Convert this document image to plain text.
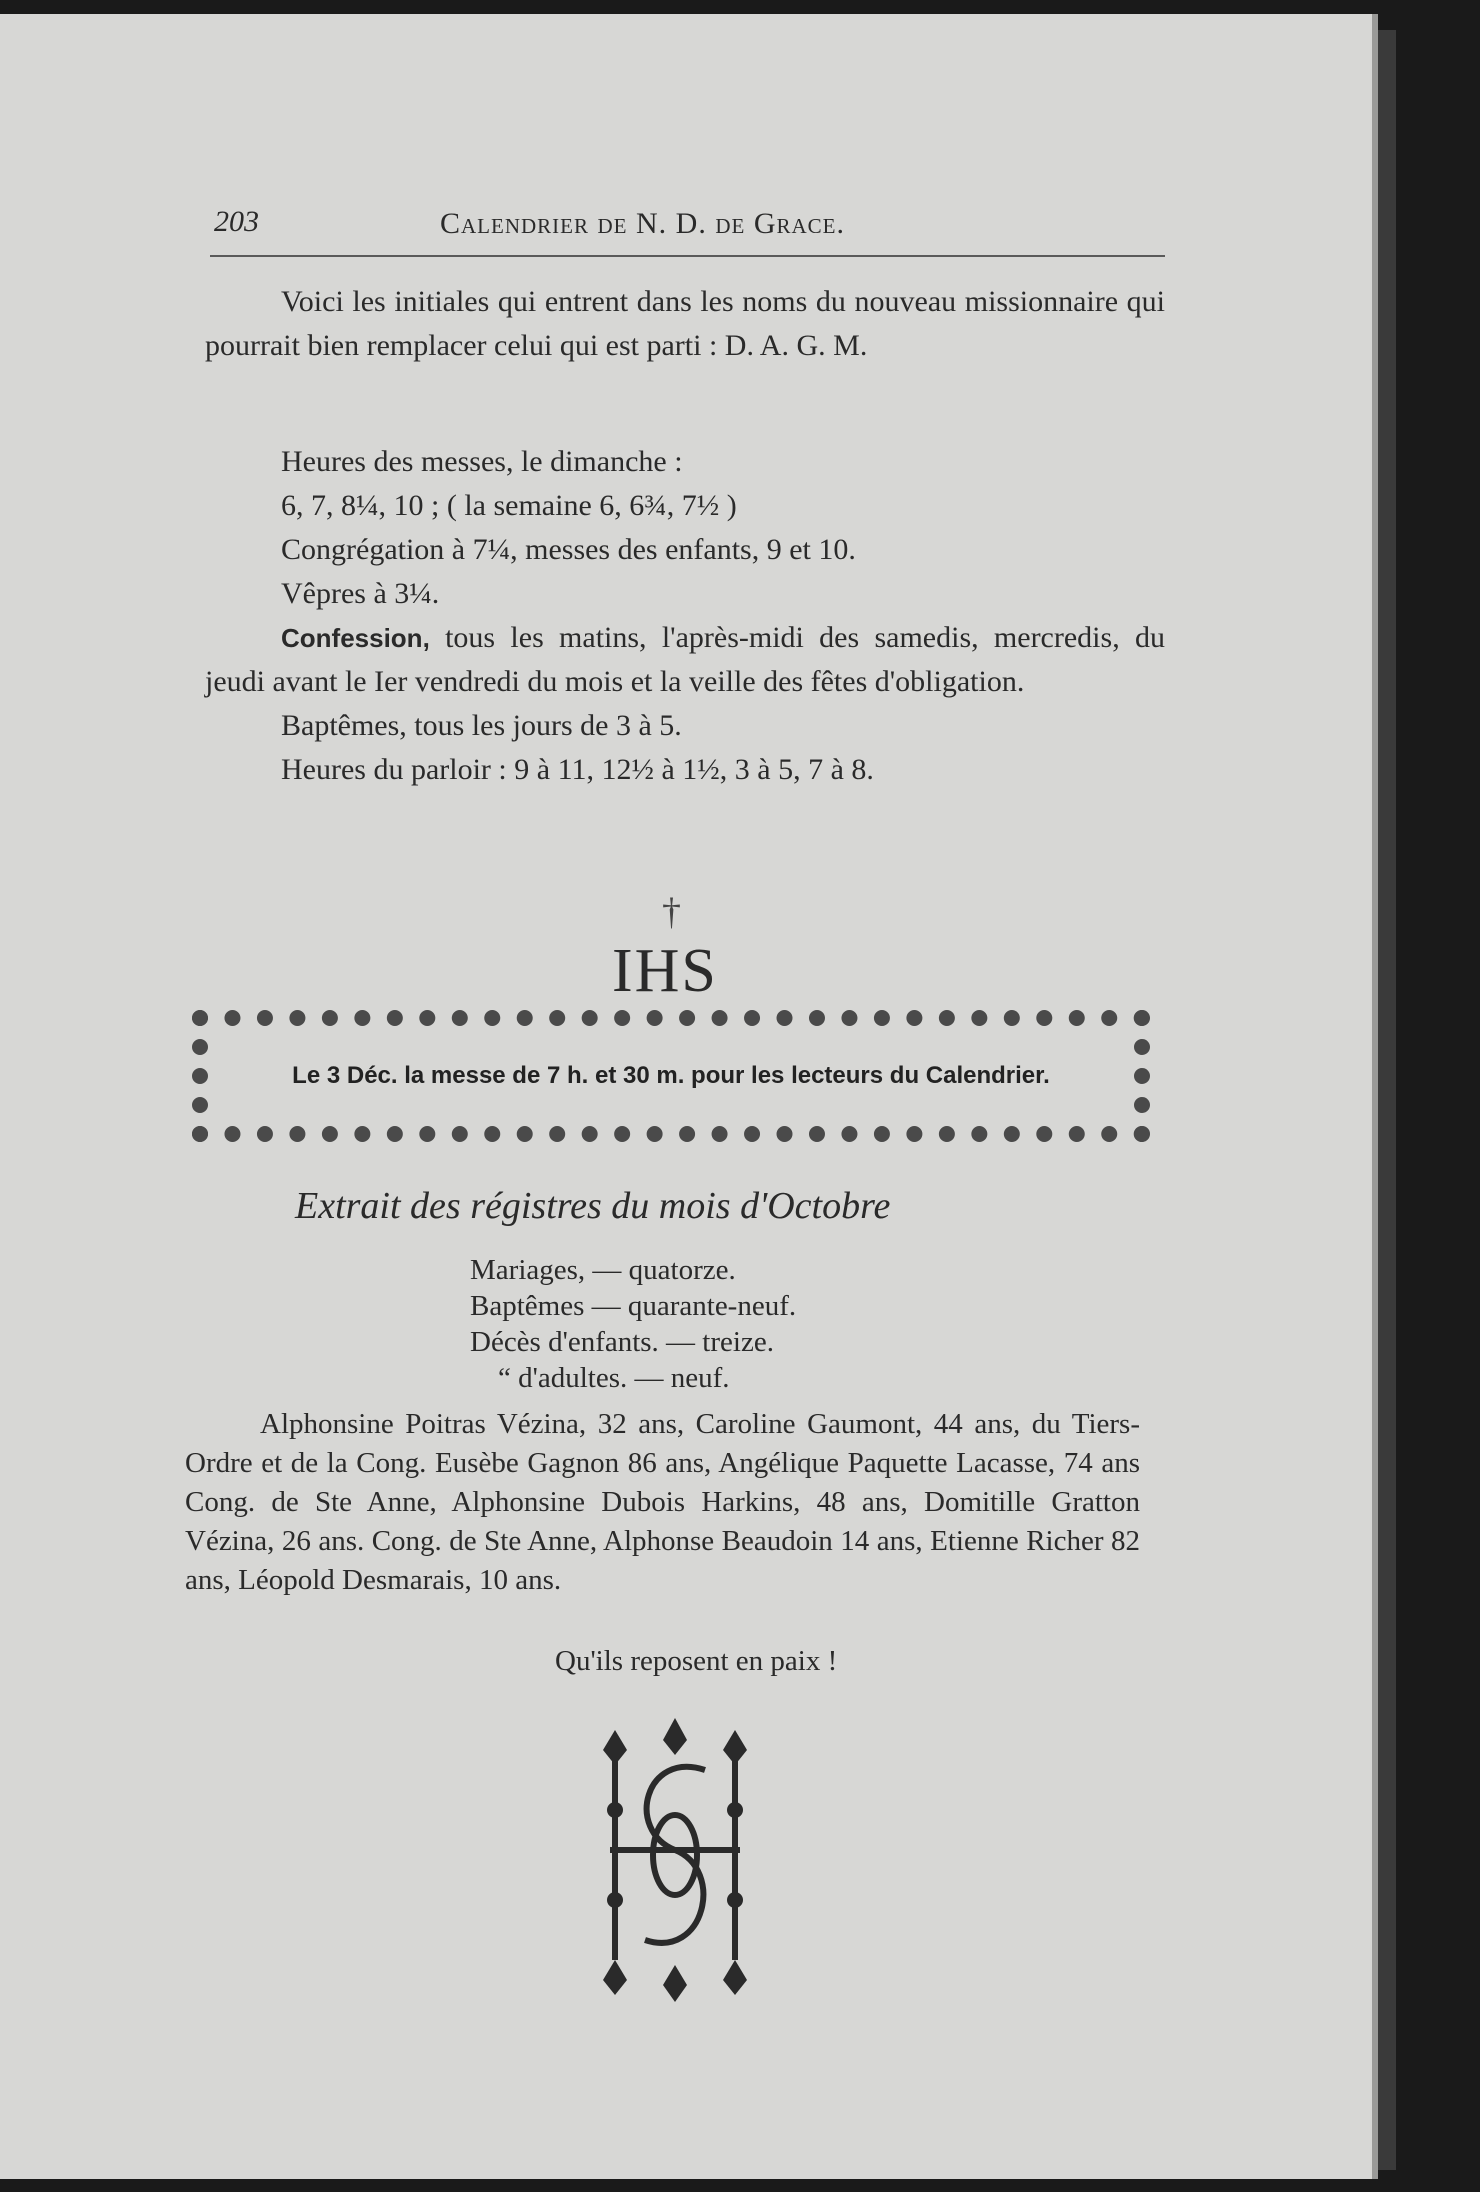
203	Calendrier de N. D. de Grace.
Voici les initiales qui entrent dans les noms du nouveau missionnaire qui pourrait bien remplacer celui qui est parti : D. A. G. M.
Heures des messes, le dimanche :
6, 7, 8¼, 10 ; ( la semaine 6, 6¾, 7½ )
Congrégation à 7¼, messes des enfants, 9 et 10.
Vêpres à 3¼.
Confession, tous les matins, l'après-midi des samedis, mercredis, du jeudi avant le Ier vendredi du mois et la veille des fêtes d'obligation.
Baptêmes, tous les jours de 3 à 5.
Heures du parloir : 9 à 11, 12½ à 1½, 3 à 5, 7 à 8.
†
IHS
Le 3 Déc. la messe de 7 h. et 30 m. pour les lecteurs du Calendrier.
Extrait des régistres du mois d'Octobre
Mariages, — quatorze.
Baptêmes — quarante-neuf.
Décès d'enfants. — treize.
“ d'adultes. — neuf.
Alphonsine Poitras Vézina, 32 ans, Caroline Gaumont, 44 ans, du Tiers-Ordre et de la Cong. Eusèbe Gagnon 86 ans, Angélique Paquette Lacasse, 74 ans Cong. de Ste Anne, Alphonsine Dubois Harkins, 48 ans, Domitille Gratton Vézina, 26 ans. Cong. de Ste Anne, Alphonse Beaudoin 14 ans, Etienne Richer 82 ans, Léopold Desmarais, 10 ans.
Qu'ils reposent en paix !
